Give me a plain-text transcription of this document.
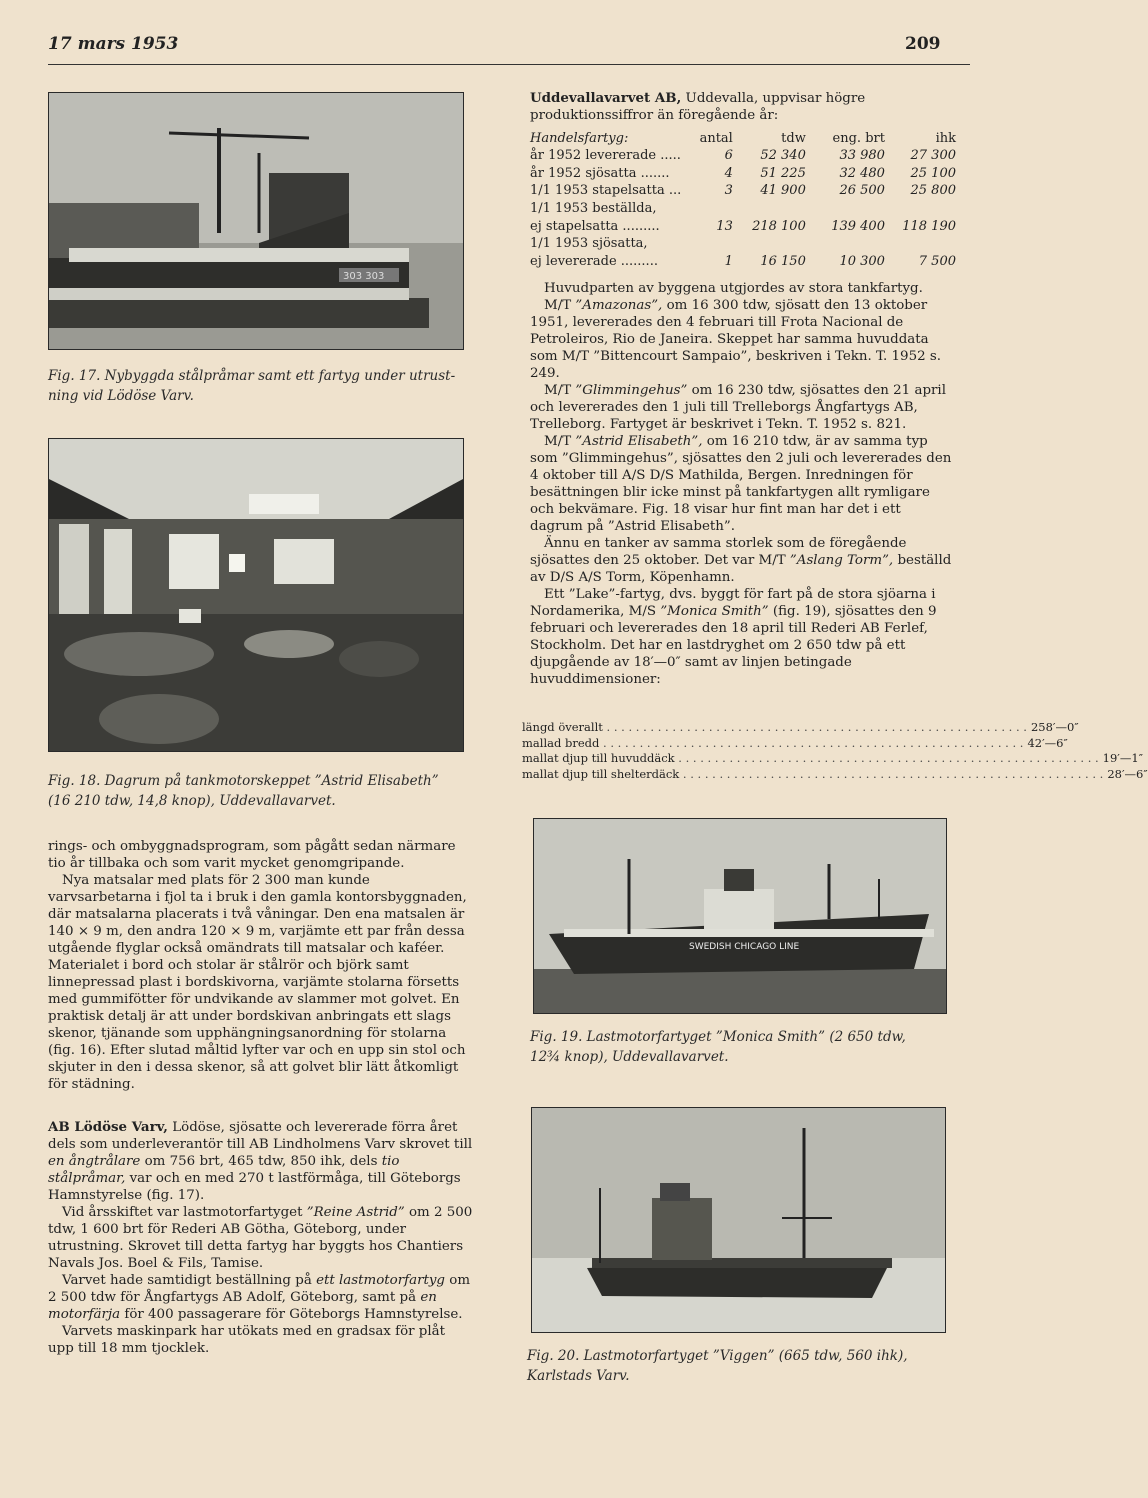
17 mars 1953	209
303 303
Fig. 17. Nybyggda stålpråmar samt ett fartyg under utrust-
ning vid Lödöse Varv.
Fig. 18. Dagrum på tankmotorskeppet ”Astrid Elisabeth”
(16 210 tdw, 14,8 knop), Uddevallavarvet.

rings- och ombyggnadsprogram, som pågått sedan närmare tio år tillbaka och som varit mycket genomgripande.

Nya matsalar med plats för 2 300 man kunde varvsarbetarna i fjol ta i bruk i den gamla kontorsbyggnaden, där matsalarna placerats i två våningar. Den ena matsalen är 140 × 9 m, den andra 120 × 9 m, varjämte ett par från dessa utgående flyglar också omändrats till matsalar och kaféer. Materialet i bord och stolar är stålrör och björk samt linnepressad plast i bordskivorna, varjämte stolarna försetts med gummifötter för undvikande av slammer mot golvet. En praktisk detalj är att under bordskivan anbringats ett slags skenor, tjänande som upphängningsanordning för stolarna (fig. 16). Efter slutad måltid lyfter var och en upp sin stol och skjuter in den i dessa skenor, så att golvet blir lätt åtkomligt för städning.

AB Lödöse Varv, Lödöse, sjösatte och levererade förra året dels som underleverantör till AB Lindholmens Varv skrovet till en ångtrålare om 756 brt, 465 tdw, 850 ihk, dels tio stålpråmar, var och en med 270 t lastförmåga, till Göteborgs Hamnstyrelse (fig. 17).

Vid årsskiftet var lastmotorfartyget ”Reine Astrid” om 2 500 tdw, 1 600 brt för Rederi AB Götha, Göteborg, under utrustning. Skrovet till detta fartyg har byggts hos Chantiers Navals Jos. Boel & Fils, Tamise.

Varvet hade samtidigt beställning på ett lastmotorfartyg om 2 500 tdw för Ångfartygs AB Adolf, Göteborg, samt på en motorfärja för 400 passagerare för Göteborgs Hamnstyrelse.

Varvets maskinpark har utökats med en gradsax för plåt upp till 18 mm tjocklek.

Uddevallavarvet AB, Uddevalla, uppvisar högre produktionssiffror än föregående år:

Handelsfartyg:	antal	tdw	eng. brt	ihk
år 1952 levererade .....	6	52 340	33 980	27 300
år 1952 sjösatta .......	4	51 225	32 480	25 100
1/1 1953 stapelsatta ...	3	41 900	26 500	25 800
1/1 1953 beställda,				
ej stapelsatta .........	13	218 100	139 400	118 190
1/1 1953 sjösatta,				
ej levererade .........	1	16 150	10 300	7 500

Huvudparten av byggena utgjordes av stora tankfartyg.

M/T ”Amazonas”, om 16 300 tdw, sjösatt den 13 oktober 1951, levererades den 4 februari till Frota Nacional de Petroleiros, Rio de Janeira. Skeppet har samma huvuddata som M/T ”Bittencourt Sampaio”, beskriven i Tekn. T. 1952 s. 249.

M/T ”Glimmingehus” om 16 230 tdw, sjösattes den 21 april och levererades den 1 juli till Trelleborgs Ångfartygs AB, Trelleborg. Fartyget är beskrivet i Tekn. T. 1952 s. 821.

M/T ”Astrid Elisabeth”, om 16 210 tdw, är av samma typ som ”Glimmingehus”, sjösattes den 2 juli och levererades den 4 oktober till A/S D/S Mathilda, Bergen. Inredningen för besättningen blir icke minst på tankfartygen allt rymligare och bekvämare. Fig. 18 visar hur fint man har det i ett dagrum på ”Astrid Elisabeth”.

Ännu en tanker av samma storlek som de föregående sjösattes den 25 oktober. Det var M/T ”Aslang Torm”, beställd av D/S A/S Torm, Köpenhamn.

Ett ”Lake”-fartyg, dvs. byggt för fart på de stora sjöarna i Nordamerika, M/S ”Monica Smith” (fig. 19), sjösattes den 9 februari och levererades den 18 april till Rederi AB Ferlef, Stockholm. Det har en lastdryghet om 2 650 tdw på ett djupgående av 18′—0″ samt av linjen betingade huvuddimensioner:

längd överallt . . . . . . . . . . . . . . . . . . . . . . . . . . . . . . . . . . . . . . . . . . . . . . . . . . . . . . . . . . 258′—0″
mallad bredd . . . . . . . . . . . . . . . . . . . . . . . . . . . . . . . . . . . . . . . . . . . . . . . . . . . . . . . . . . 42′—6″
mallat djup till huvuddäck . . . . . . . . . . . . . . . . . . . . . . . . . . . . . . . . . . . . . . . . . . . . . . . . . . . . . . . . . . 19′—1″
mallat djup till shelterdäck . . . . . . . . . . . . . . . . . . . . . . . . . . . . . . . . . . . . . . . . . . . . . . . . . . . . . . . . . . 28′—6″
SWEDISH CHICAGO LINE
Fig. 19. Lastmotorfartyget ”Monica Smith” (2 650 tdw,
12¾ knop), Uddevallavarvet.
Fig. 20. Lastmotorfartyget ”Viggen” (665 tdw, 560 ihk),
Karlstads Varv.
